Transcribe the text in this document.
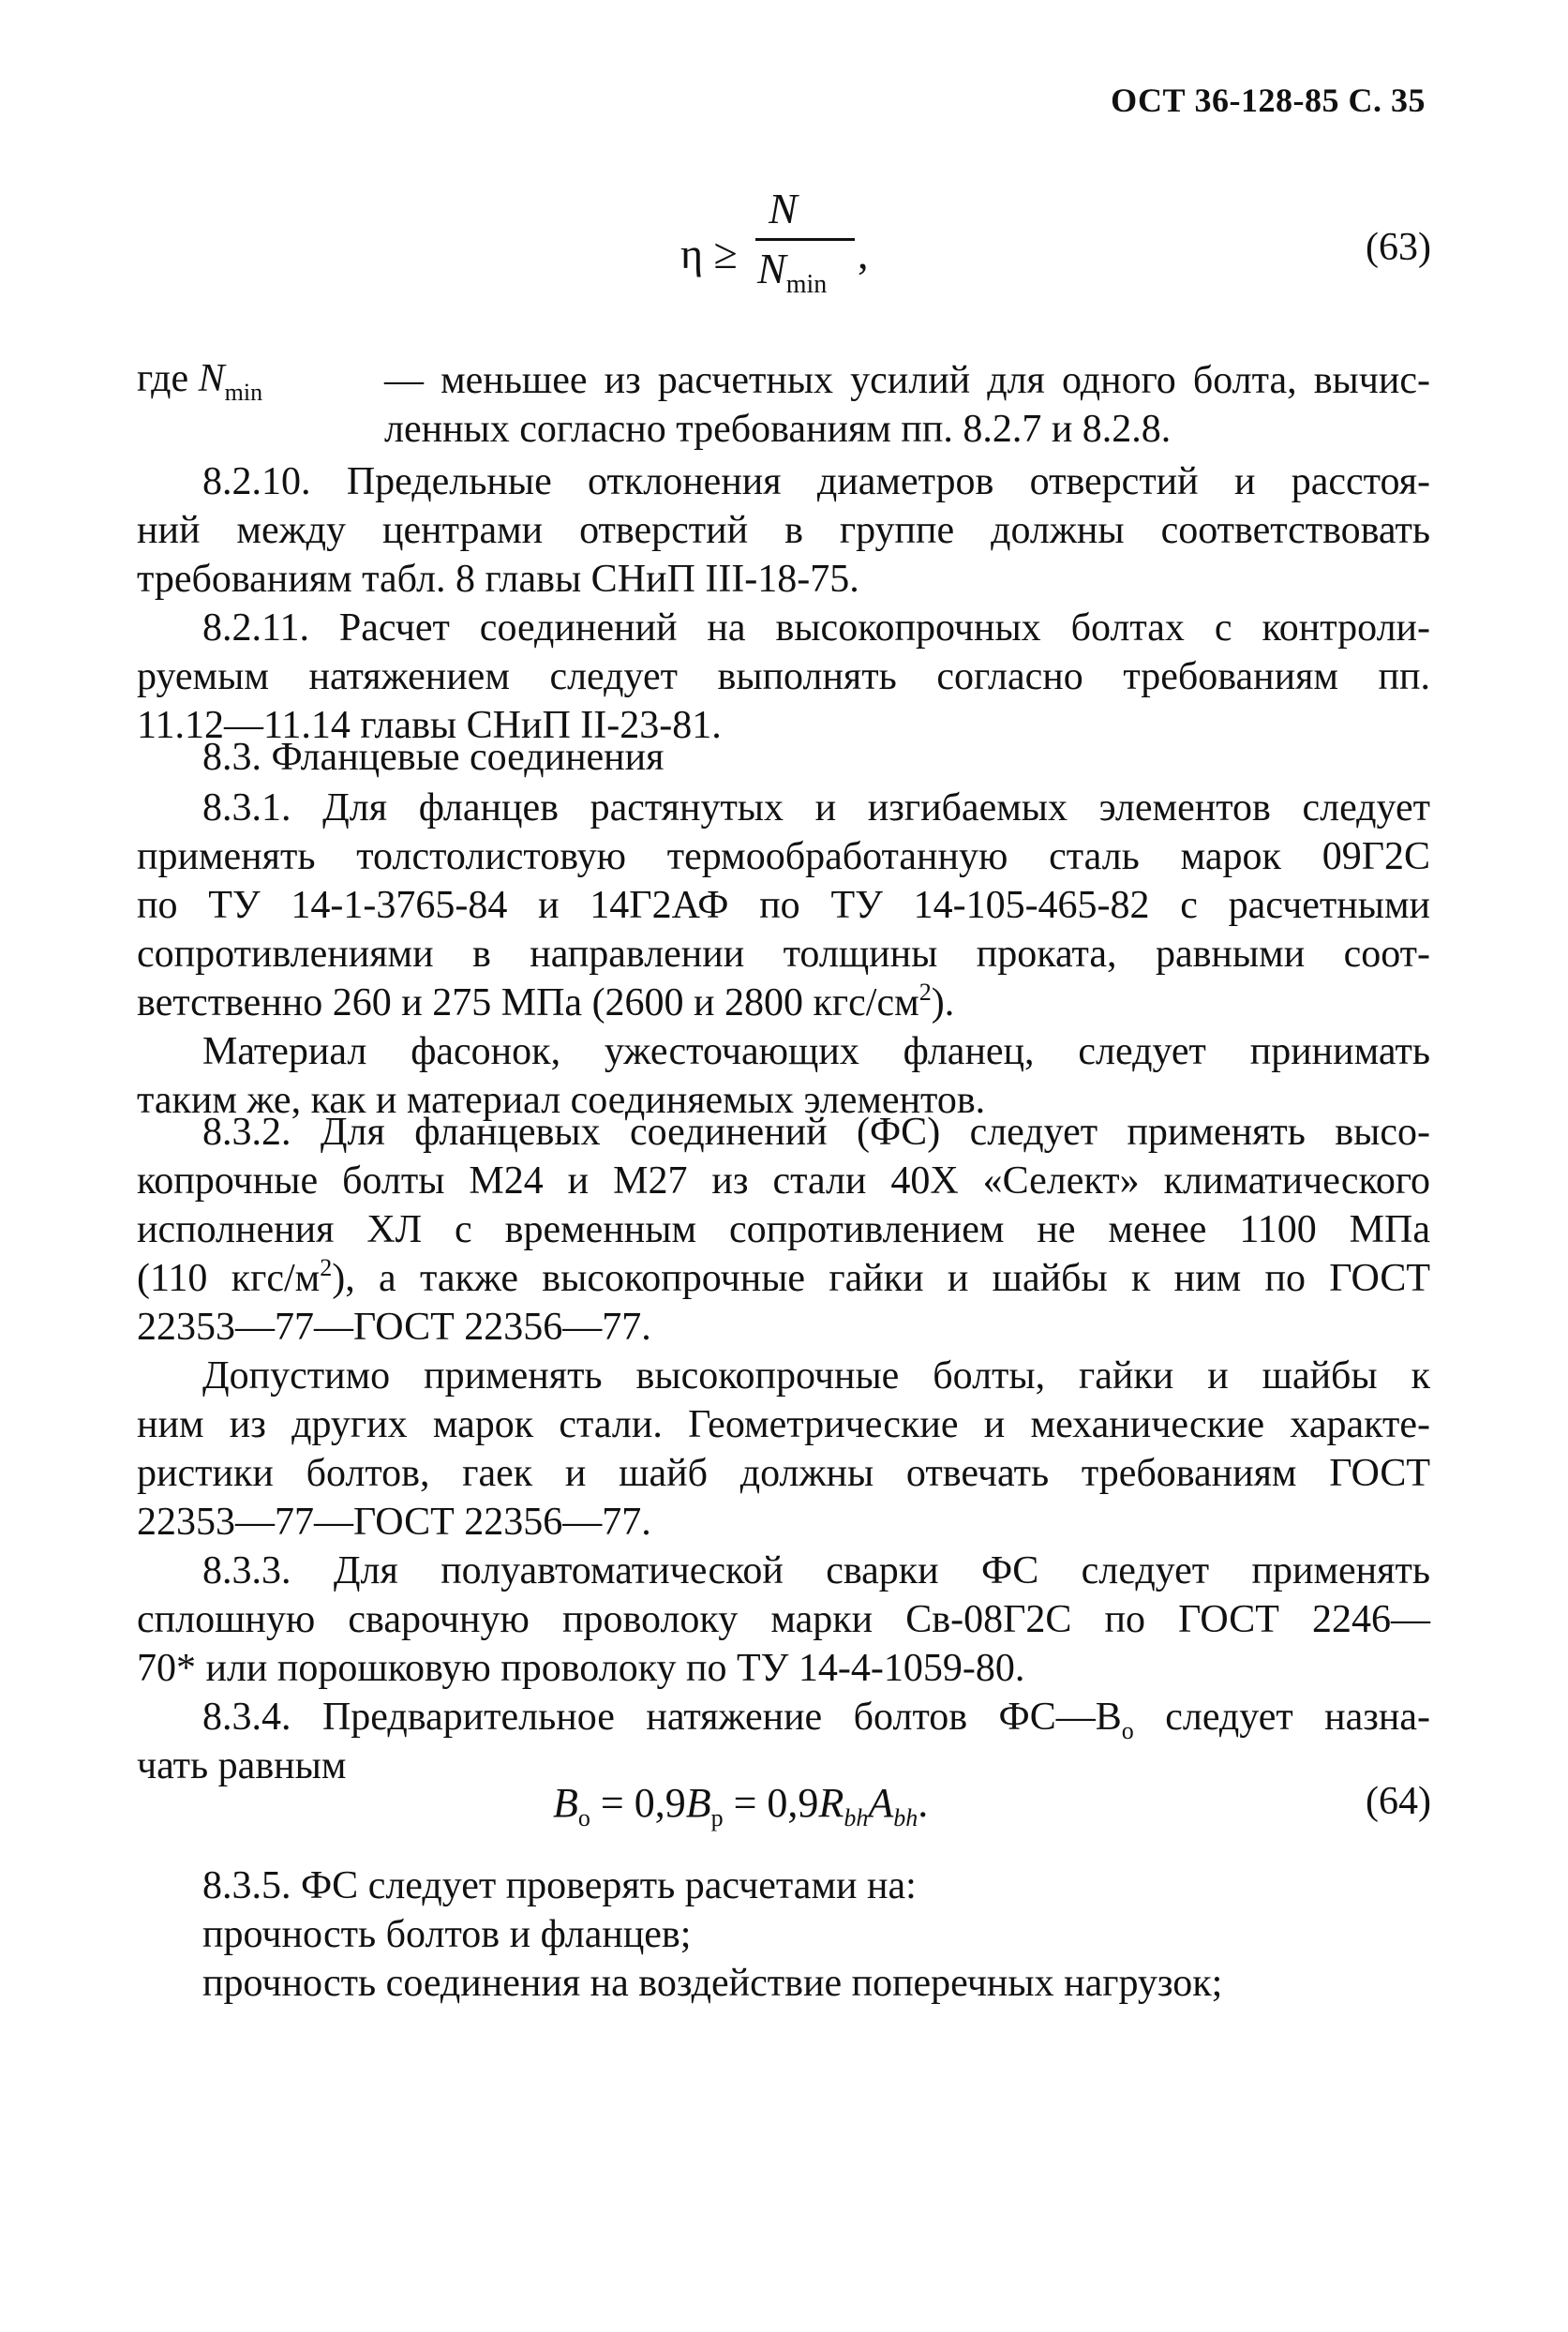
ОСТ 36-128-85 С. 35
η ≥
N
$N_{min}$
,	(63)
где $N_{min}$	— меньшее из расчетных усилий для одного болта, вычис-
ленных согласно требованиям пп. 8.2.7 и 8.2.8.
8.2.10. Предельные отклонения диаметров отверстий и расстоя-
ний между центрами отверстий в группе должны соответствовать
требованиям табл. 8 главы СНиП III-18-75.
8.2.11. Расчет соединений на высокопрочных болтах с контроли-
руемым натяжением следует выполнять согласно требованиям пп.
11.12—11.14 главы СНиП II-23-81.
8.3. Фланцевые соединения
8.3.1. Для фланцев растянутых и изгибаемых элементов следует
применять толстолистовую термообработанную сталь марок 09Г2С
по ТУ 14-1-3765-84 и 14Г2АФ по ТУ 14-105-465-82 с расчетными
сопротивлениями в направлении толщины проката, равными соот-
ветственно 260 и 275 МПа (2600 и 2800 кгс/$см^2$).
Материал фасонок, ужесточающих фланец, следует принимать
таким же, как и материал соединяемых элементов.
8.3.2. Для фланцевых соединений (ФС) следует применять высо-
копрочные болты М24 и М27 из стали 40Х «Селект» климатического
исполнения ХЛ с временным сопротивлением не менее 1100 МПа
(110 кгс/$м^2$), а также высокопрочные гайки и шайбы к ним по ГОСТ
22353—77—ГОСТ 22356—77.
Допустимо применять высокопрочные болты, гайки и шайбы к
ним из других марок стали. Геометрические и механические характе-
ристики болтов, гаек и шайб должны отвечать требованиям ГОСТ
22353—77—ГОСТ 22356—77.
8.3.3. Для полуавтоматической сварки ФС следует применять
сплошную сварочную проволоку марки Св-08Г2С по ГОСТ 2246—
70* или порошковую проволоку по ТУ 14-4-1059-80.
8.3.4. Предварительное натяжение болтов $ФС—В_о$ следует назна-
чать равным
$B_о = 0,9B_р = 0,9R_{bh}A_{bh}$.	(64)
8.3.5. ФС следует проверять расчетами на:
прочность болтов и фланцев;
прочность соединения на воздействие поперечных нагрузок;
